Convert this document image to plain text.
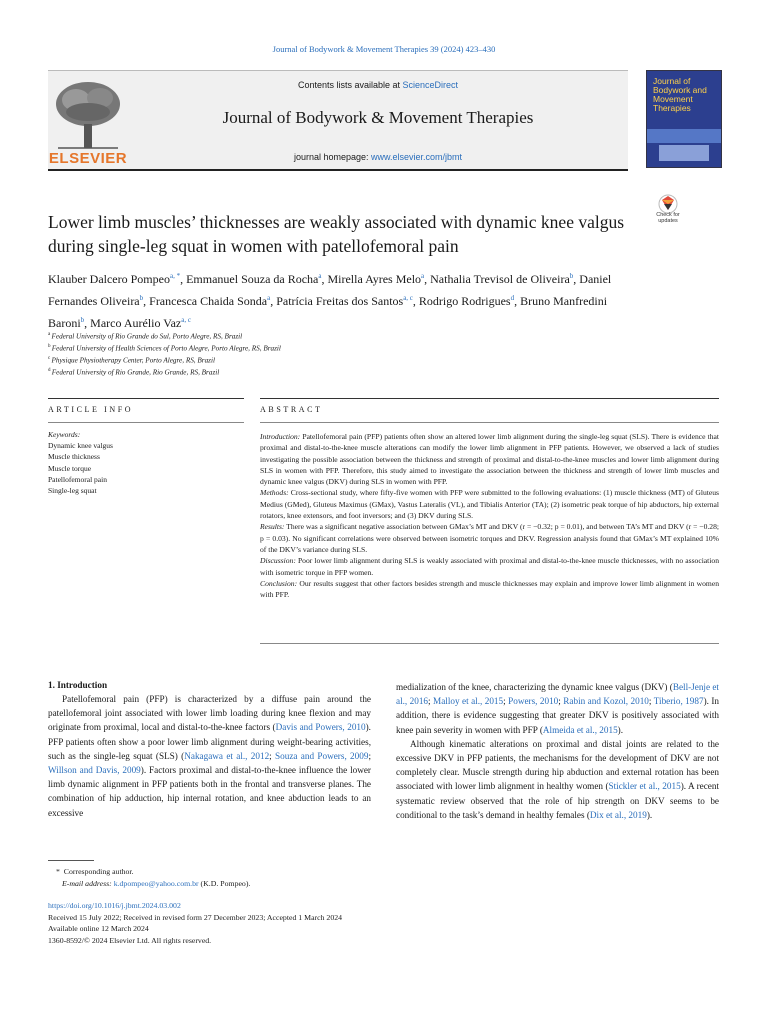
Journal of Bodywork & Movement Therapies 39 (2024) 423–430
ELSEVIER
Contents lists available at ScienceDirect
Journal of Bodywork & Movement Therapies
journal homepage: www.elsevier.com/jbmt
Journal of Bodywork and Movement Therapies
Check for updates
Lower limb muscles’ thicknesses are weakly associated with dynamic knee valgus during single-leg squat in women with patellofemoral pain
Klauber Dalcero Pompeo$^{a, *}$, Emmanuel Souza da Rocha$^a$, Mirella Ayres Melo$^a$, Nathalia Trevisol de Oliveira$^b$, Daniel Fernandes Oliveira$^b$, Francesca Chaida Sonda$^a$, Patrícia Freitas dos Santos$^{a, c}$, Rodrigo Rodrigues$^d$, Bruno Manfredini Baroni$^b$, Marco Aurélio Vaz$^{a, c}$
$^a$ Federal University of Rio Grande do Sul, Porto Alegre, RS, Brazil
$^b$ Federal University of Health Sciences of Porto Alegre, Porto Alegre, RS, Brazil
$^c$ Physique Physiotherapy Center, Porto Alegre, RS, Brazil
$^d$ Federal University of Rio Grande, Rio Grande, RS, Brazil
ARTICLE INFO	ABSTRACT
Keywords:
Dynamic knee valgus
Muscle thickness
Muscle torque
Patellofemoral pain
Single-leg squat

Introduction: Patellofemoral pain (PFP) patients often show an altered lower limb alignment during the single-leg squat (SLS). There is evidence that proximal and distal-to-the-knee muscle alterations can modify the lower limb alignment in PFP patients. However, we observed a lack of studies investigating the possible association between the thickness and strength of proximal and distal-to-the-knee muscles and lower limb alignment during SLS in women with PFP. Therefore, this study aimed to investigate the association between the thickness and strength of lower limb muscles and dynamic knee valgus (DKV) during SLS in women with PFP.

Methods: Cross-sectional study, where fifty-five women with PFP were submitted to the following evaluations: (1) muscle thickness (MT) of Gluteus Medius (GMed), Gluteus Maximus (GMax), Vastus Lateralis (VL), and Tibialis Anterior (TA); (2) isometric peak torque of hip abductors, hip external rotators, knee extensors, and foot inversors; and (3) DKV during SLS.

Results: There was a significant negative association between GMax’s MT and DKV (r = −0.32; p = 0.01), and between TA’s MT and DKV (r = −0.28; p = 0.03). No significant correlations were observed between isometric torques and DKV. Regression analysis found that GMax’s MT explained 10% of the DKV’s variance during SLS.

Discussion: Poor lower limb alignment during SLS is weakly associated with proximal and distal-to-the-knee muscle thicknesses, with no association with isometric torque in PFP women.

Conclusion: Our results suggest that other factors besides strength and muscle thicknesses may explain and improve lower limb alignment in women with PFP.

1. Introduction

Patellofemoral pain (PFP) is characterized by a diffuse pain around the patellofemoral joint associated with lower limb loading during knee flexion and may originate from proximal, local and distal-to-the-knee factors (Davis and Powers, 2010). PFP patients often show a poor lower limb alignment during weight-bearing activities, such as the single-leg squat (SLS) (Nakagawa et al., 2012; Souza and Powers, 2009; Willson and Davis, 2009). Factors proximal and distal-to-the-knee influence the lower limb dynamic alignment in PFP patients both in the frontal and transverse planes. The combination of hip adduction, hip internal rotation, and knee abduction leads to an excessive

medialization of the knee, characterizing the dynamic knee valgus (DKV) (Bell-Jenje et al., 2016; Malloy et al., 2015; Powers, 2010; Rabin and Kozol, 2010; Tiberio, 1987). In addition, there is evidence suggesting that greater DKV is positively associated with knee pain severity in women with PFP (Almeida et al., 2015).

Although kinematic alterations on proximal and distal joints are related to the excessive DKV in PFP patients, the mechanisms for the development of DKV are not completely clear. Muscle strength during hip abduction and external rotation has been associated with lower limb alignment in healthy women (Stickler et al., 2015). A recent systematic review observed that the role of hip strength on DKV seems to be conditional to the task’s demand in healthy females (Dix et al., 2019).

*  Corresponding author.
E-mail address: k.dpompeo@yahoo.com.br (K.D. Pompeo).
https://doi.org/10.1016/j.jbmt.2024.03.002
Received 15 July 2022; Received in revised form 27 December 2023; Accepted 1 March 2024
Available online 12 March 2024
1360-8592/© 2024 Elsevier Ltd. All rights reserved.
